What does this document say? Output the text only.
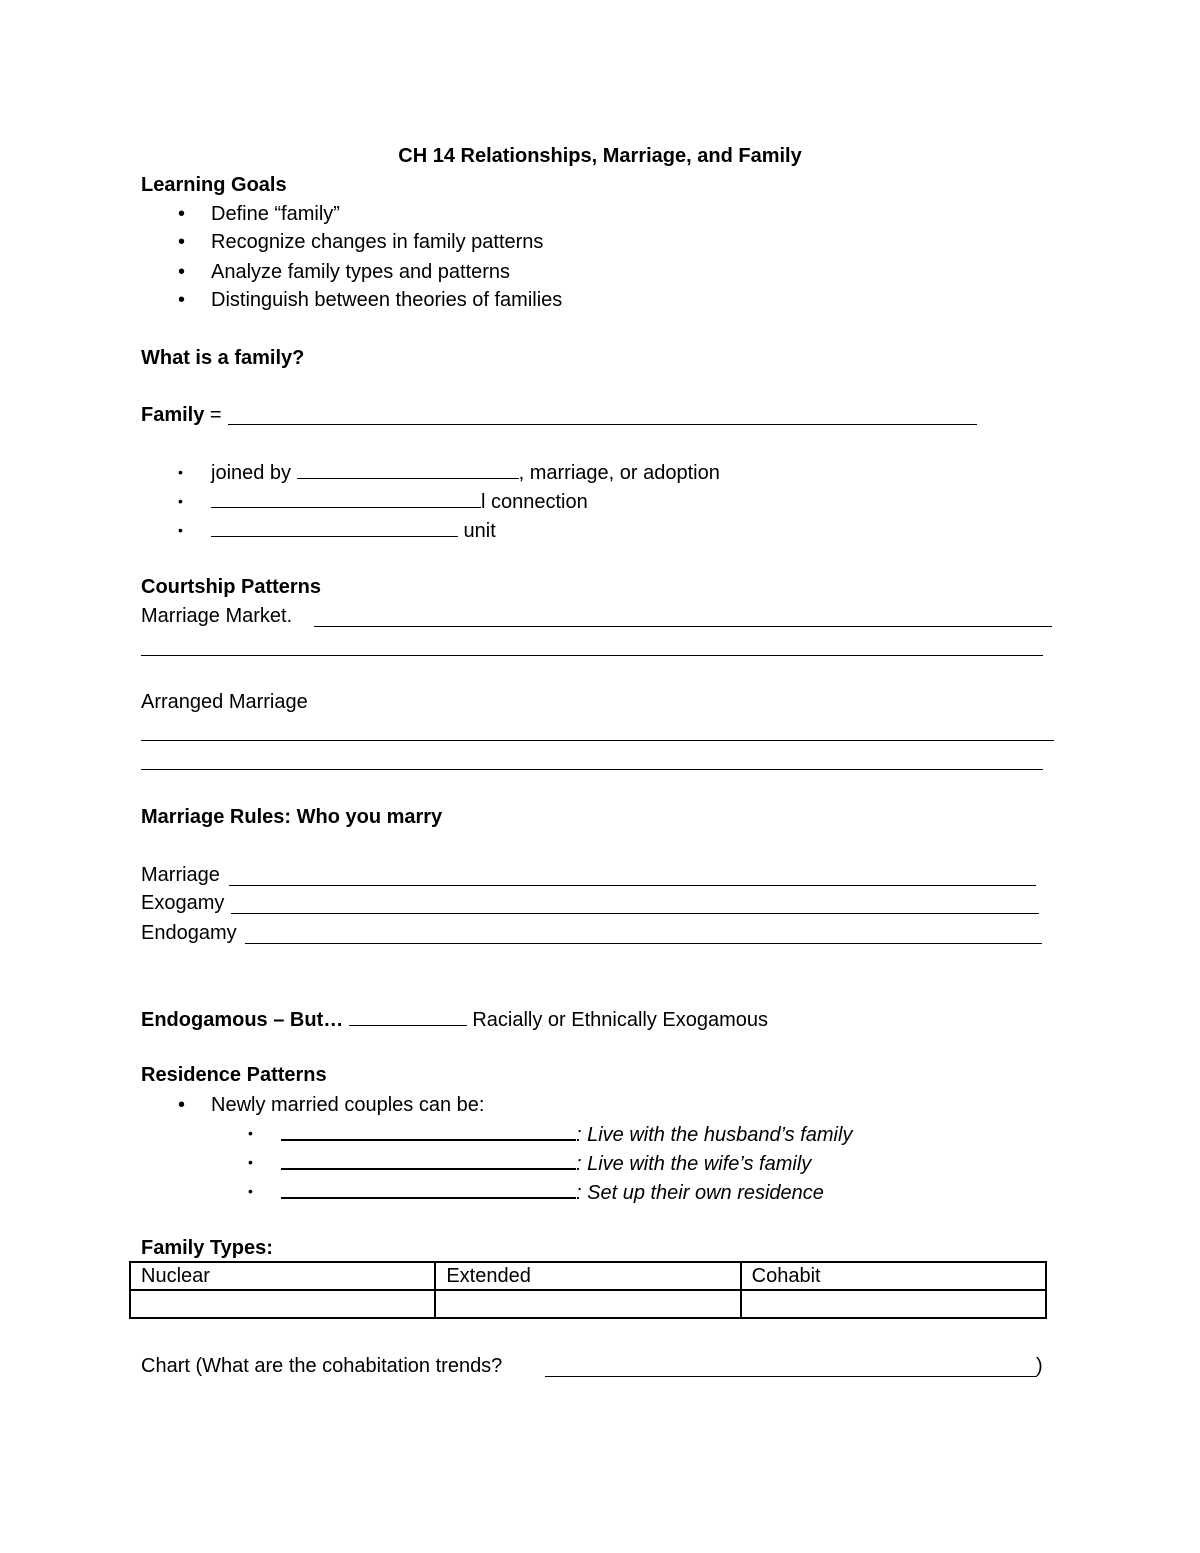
CH 14 Relationships, Marriage, and Family
Learning Goals
• Define “family”
• Recognize changes in family patterns
• Analyze family types and patterns
• Distinguish between theories of families
What is a family?
Family =
• joined by	, marriage, or adoption
•	l connection
•	unit
Courtship Patterns
Marriage Market.
Arranged Marriage
Marriage Rules: Who you marry
Marriage
Exogamy
Endogamy
Endogamous – But…	Racially or Ethnically Exogamous
Residence Patterns
• Newly married couples can be:
•	: Live with the husband’s family
•	: Live with the wife’s family
•	: Set up their own residence
Family Types:
Nuclear	Extended	Cohabit

Chart (What are the cohabitation trends?	)
